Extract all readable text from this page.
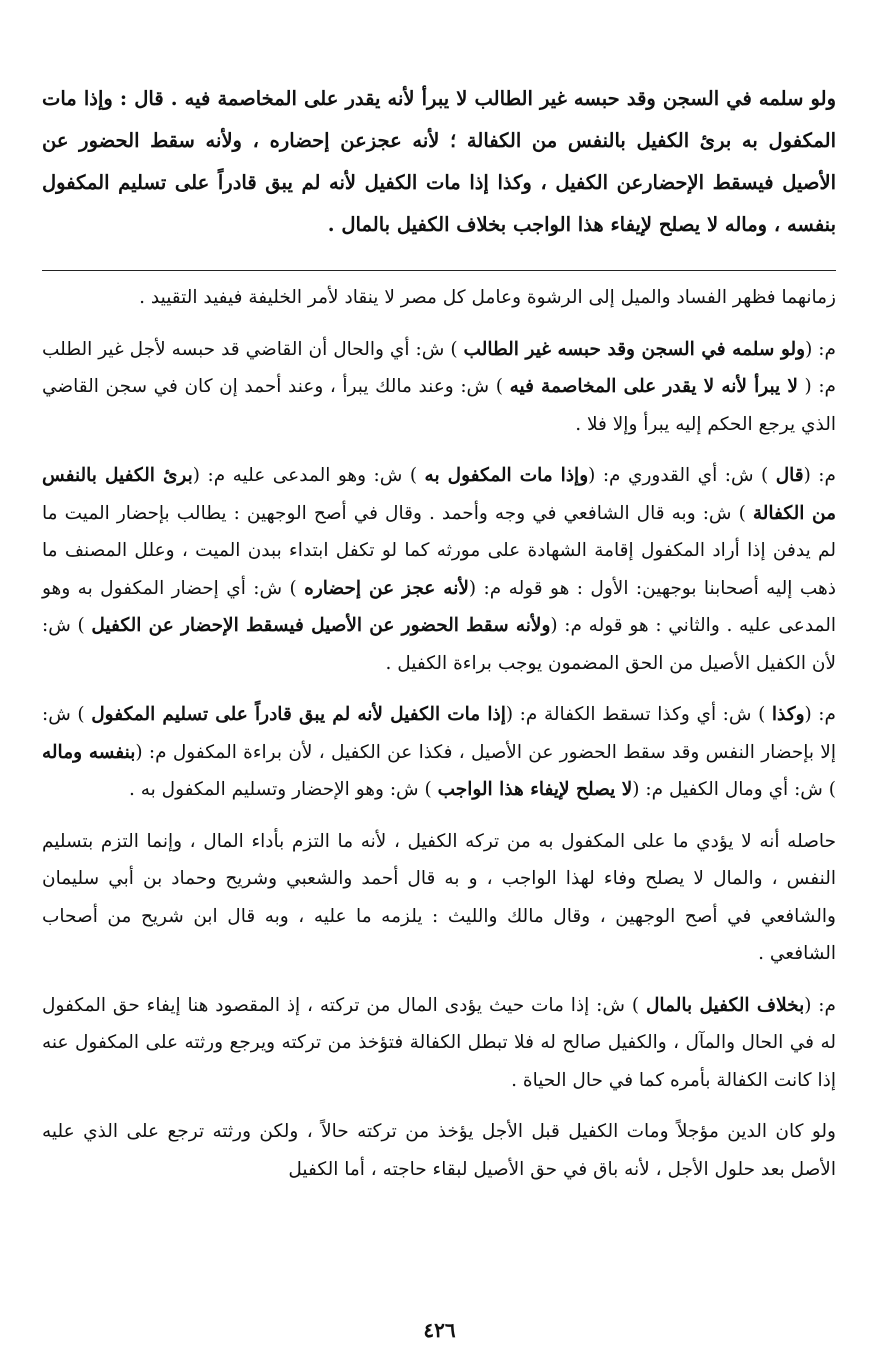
ولو سلمه في السجن وقد حبسه غير الطالب لا يبرأ لأنه يقدر على المخاصمة فيه . قال : وإذا مات المكفول به برئ الكفيل بالنفس من الكفالة ؛ لأنه عجزعن إحضاره ، ولأنه سقط الحضور عن الأصيل فيسقط الإحضارعن الكفيل ، وكذا إذا مات الكفيل لأنه لم يبق قادراً على تسليم المكفول بنفسه ، وماله لا يصلح لإيفاء هذا الواجب بخلاف الكفيل بالمال .

زمانهما فظهر الفساد والميل إلى الرشوة وعامل كل مصر لا ينقاد لأمر الخليفة فيفيد التقييد .

م: (ولو سلمه في السجن وقد حبسه غير الطالب ) ش: أي والحال أن القاضي قد حبسه لأجل غير الطلب م: ( لا يبرأ لأنه لا يقدر على المخاصمة فيه ) ش: وعند مالك يبرأ ، وعند أحمد إن كان في سجن القاضي الذي يرجع الحكم إليه يبرأ وإلا فلا .

م: (قال ) ش: أي القدوري م: (وإذا مات المكفول به ) ش: وهو المدعى عليه م: (برئ الكفيل بالنفس من الكفالة ) ش: وبه قال الشافعي في وجه وأحمد . وقال في أصح الوجهين : يطالب بإحضار الميت ما لم يدفن إذا أراد المكفول إقامة الشهادة على مورثه كما لو تكفل ابتداء ببدن الميت ، وعلل المصنف ما ذهب إليه أصحابنا بوجهين: الأول : هو قوله م: (لأنه عجز عن إحضاره ) ش: أي إحضار المكفول به وهو المدعى عليه . والثاني : هو قوله م: (ولأنه سقط الحضور عن الأصيل فيسقط الإحضار عن الكفيل ) ش: لأن الكفيل الأصيل من الحق المضمون يوجب براءة الكفيل .

م: (وكذا ) ش: أي وكذا تسقط الكفالة م: (إذا مات الكفيل لأنه لم يبق قادراً على تسليم المكفول ) ش: إلا بإحضار النفس وقد سقط الحضور عن الأصيل ، فكذا عن الكفيل ، لأن براءة المكفول م: (بنفسه وماله ) ش: أي ومال الكفيل م: (لا يصلح لإيفاء هذا الواجب ) ش: وهو الإحضار وتسليم المكفول به .

حاصله أنه لا يؤدي ما على المكفول به من تركه الكفيل ، لأنه ما التزم بأداء المال ، وإنما التزم بتسليم النفس ، والمال لا يصلح وفاء لهذا الواجب ، و به قال أحمد والشعبي وشريح وحماد بن أبي سليمان والشافعي في أصح الوجهين ، وقال مالك والليث : يلزمه ما عليه ، وبه قال ابن شريح من أصحاب الشافعي .

م: (بخلاف الكفيل بالمال ) ش: إذا مات حيث يؤدى المال من تركته ، إذ المقصود هنا إيفاء حق المكفول له في الحال والمآل ، والكفيل صالح له فلا تبطل الكفالة فتؤخذ من تركته ويرجع ورثته على المكفول عنه إذا كانت الكفالة بأمره كما في حال الحياة .

ولو كان الدين مؤجلاً ومات الكفيل قبل الأجل يؤخذ من تركته حالاً ، ولكن ورثته ترجع على الذي عليه الأصل بعد حلول الأجل ، لأنه باق في حق الأصيل لبقاء حاجته ، أما الكفيل

٤٢٦
